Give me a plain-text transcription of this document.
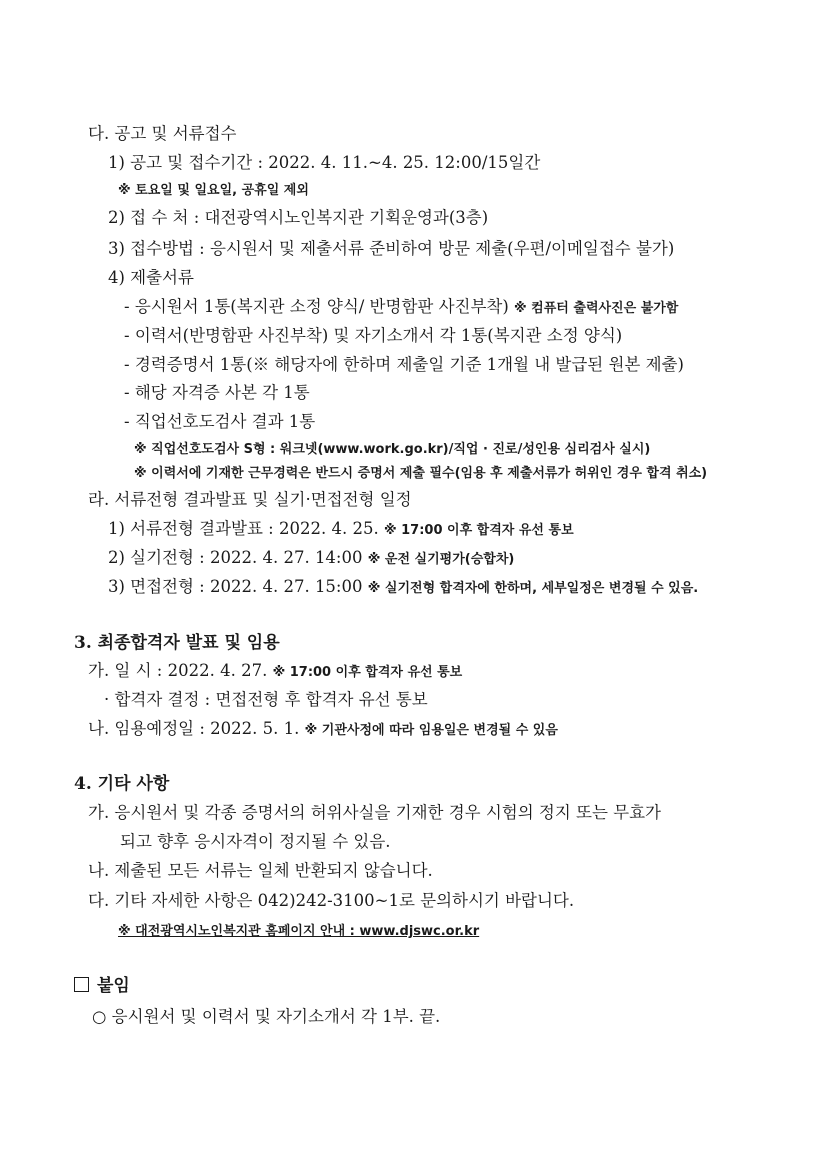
다. 공고 및 서류접수
1) 공고 및 접수기간 : 2022. 4. 11.~4. 25. 12:00/15일간
※ 토요일 및 일요일, 공휴일 제외
2) 접 수 처 : 대전광역시노인복지관 기획운영과(3층)
3) 접수방법 : 응시원서 및 제출서류 준비하여 방문 제출(우편/이메일접수 불가)
4) 제출서류
- 응시원서 1통(복지관 소정 양식/ 반명함판 사진부착) ※ 컴퓨터 출력사진은 불가함
- 이력서(반명함판 사진부착) 및 자기소개서 각 1통(복지관 소정 양식)
- 경력증명서 1통(※ 해당자에 한하며 제출일 기준 1개월 내 발급된 원본 제출)
- 해당 자격증 사본 각 1통
- 직업선호도검사 결과 1통
※ 직업선호도검사 S형 : 워크넷(www.work.go.kr)/직업 · 진로/성인용 심리검사 실시)
※ 이력서에 기재한 근무경력은 반드시 증명서 제출 필수(임용 후 제출서류가 허위인 경우 합격 취소)
라. 서류전형 결과발표 및 실기·면접전형 일정
1) 서류전형 결과발표 : 2022. 4. 25. ※ 17:00 이후 합격자 유선 통보
2) 실기전형 : 2022. 4. 27. 14:00 ※ 운전 실기평가(승합차)
3) 면접전형 : 2022. 4. 27. 15:00 ※ 실기전형 합격자에 한하며, 세부일정은 변경될 수 있음.
3. 최종합격자 발표 및 임용
가. 일 시 : 2022. 4. 27. ※ 17:00 이후 합격자 유선 통보
· 합격자 결정 : 면접전형 후 합격자 유선 통보
나. 임용예정일 : 2022. 5. 1. ※ 기관사정에 따라 임용일은 변경될 수 있음
4. 기타 사항
가. 응시원서 및 각종 증명서의 허위사실을 기재한 경우 시험의 정지 또는 무효가
되고 향후 응시자격이 정지될 수 있음.
나. 제출된 모든 서류는 일체 반환되지 않습니다.
다. 기타 자세한 사항은 042)242-3100~1로 문의하시기 바랍니다.
※ 대전광역시노인복지관 홈페이지 안내 : www.djswc.or.kr
붙임
○ 응시원서 및 이력서 및 자기소개서 각 1부. 끝.
